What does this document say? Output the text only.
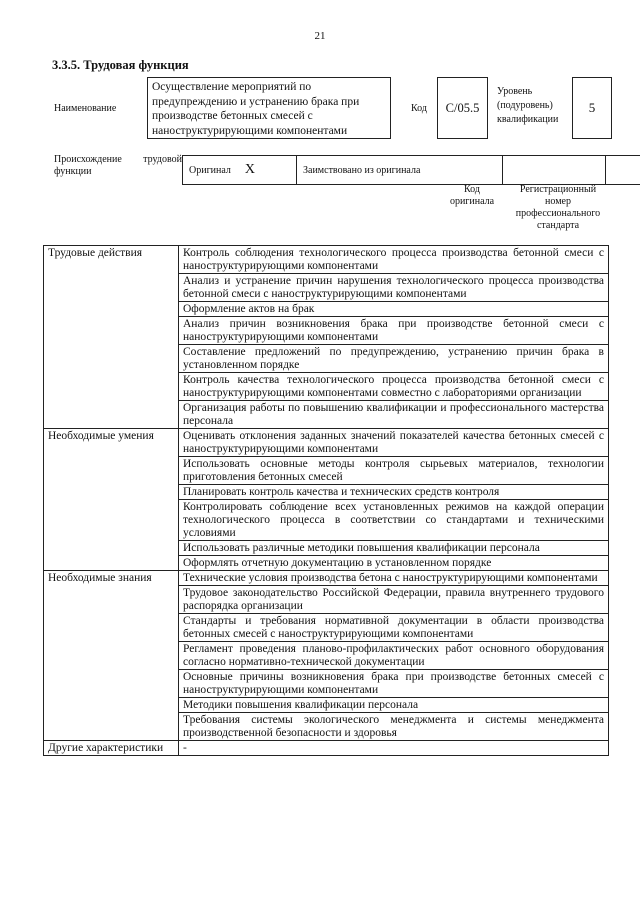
21
3.3.5. Трудовая функция
Наименование
Осуществление мероприятий по предупреждению и устранению брака при производстве бетонных смесей с наноструктурирующими компонентами
Код	C/05.5
Уровень
(подуровень)
квалификации
5
Происхождение трудовой
функции	Оригинал X	Заимствовано из оригинала
Код
оригинала
Регистрационный
номер
профессионального
стандарта
Трудовые действия	Контроль соблюдения технологического процесса производства бетонной смеси с наноструктурирующими компонентами
	Анализ и устранение причин нарушения технологического процесса производства бетонной смеси с наноструктурирующими компонентами
	Оформление актов на брак
	Анализ причин возникновения брака при производстве бетонной смеси с наноструктурирующими компонентами
	Составление предложений по предупреждению, устранению причин брака в установленном порядке
	Контроль качества технологического процесса производства бетонной смеси с наноструктурирующими компонентами совместно с лабораториями организации
	Организация работы по повышению квалификации и профессионального мастерства персонала
Необходимые умения	Оценивать отклонения заданных значений показателей качества бетонных смесей с наноструктурирующими компонентами
	Использовать основные методы контроля сырьевых материалов, технологии приготовления бетонных смесей
	Планировать контроль качества и технических средств контроля
	Контролировать соблюдение всех установленных режимов на каждой операции технологического процесса в соответствии со стандартами и техническими условиями
	Использовать различные методики повышения квалификации персонала
	Оформлять отчетную документацию в установленном порядке
Необходимые знания	Технические условия производства бетона с наноструктурирующими компонентами
	Трудовое законодательство Российской Федерации, правила внутреннего трудового распорядка организации
	Стандарты и требования нормативной документации в области производства бетонных смесей с наноструктурирующими компонентами
	Регламент проведения планово-профилактических работ основного оборудования согласно нормативно-технической документации
	Основные причины возникновения брака при производстве бетонных смесей с наноструктурирующими компонентами
	Методики повышения квалификации персонала
	Требования системы экологического менеджмента и системы менеджмента производственной безопасности и здоровья
Другие характеристики	-
